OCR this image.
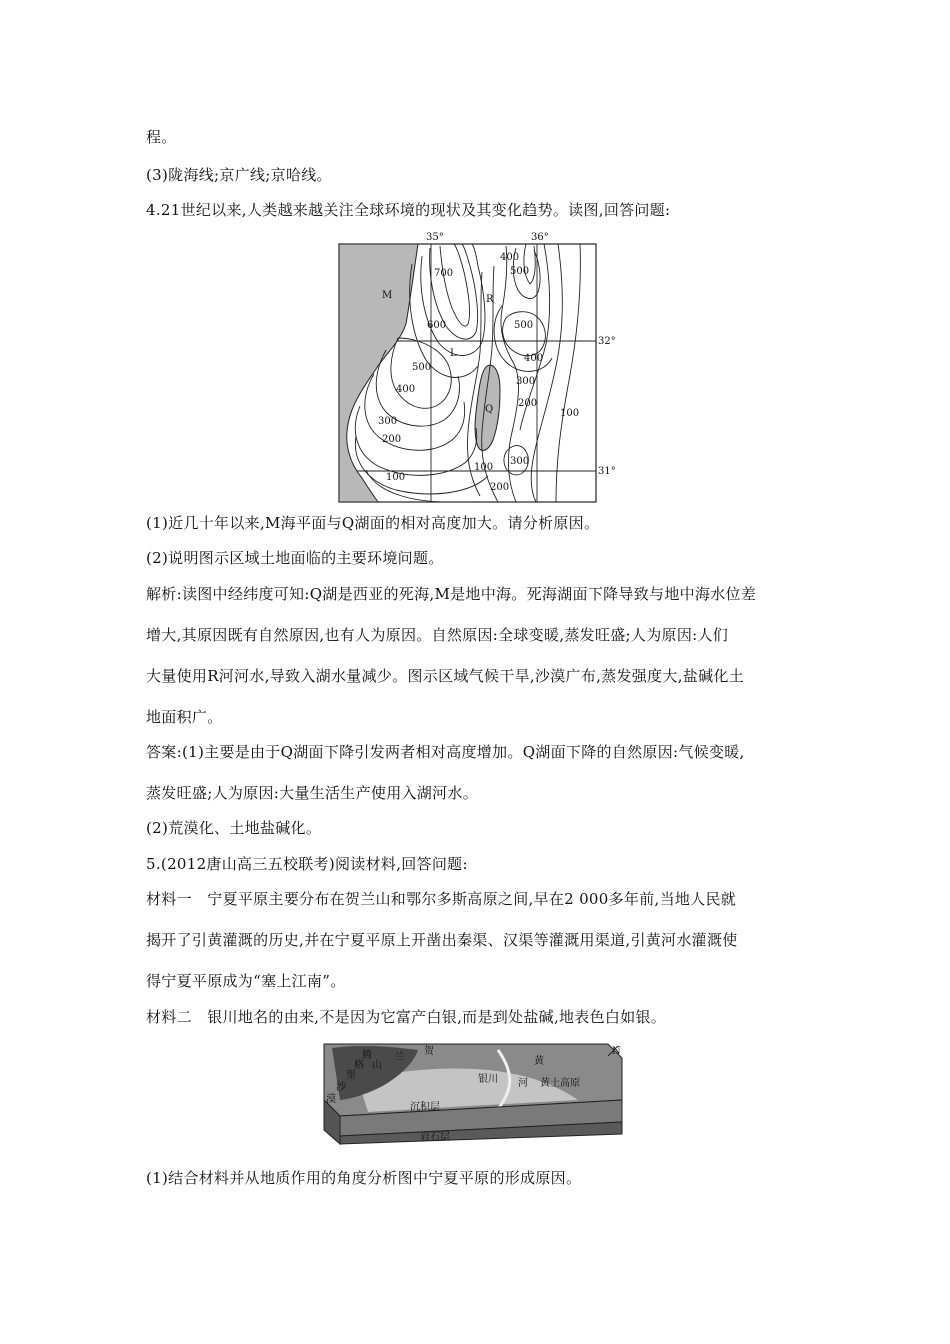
程。
(3)陇海线;京广线;京哈线。
4.21世纪以来,人类越来越关注全球环境的现状及其变化趋势。读图,回答问题:
35°	36°
32°
31°
M	R
L
Q
700
400
500
600	500
500
400
400
300
200
300
200
100
100
300
100
200
(1)近几十年以来,M海平面与Q湖面的相对高度加大。请分析原因。
(2)说明图示区域土地面临的主要环境问题。
解析:读图中经纬度可知:Q湖是西亚的死海,M是地中海。死海湖面下降导致与地中海水位差
增大,其原因既有自然原因,也有人为原因。自然原因:全球变暖,蒸发旺盛;人为原因:人们
大量使用R河河水,导致入湖水量减少。图示区域气候干旱,沙漠广布,蒸发强度大,盐碱化土
地面积广。
答案:(1)主要是由于Q湖面下降引发两者相对高度增加。Q湖面下降的自然原因:气候变暖,
蒸发旺盛;人为原因:大量生活生产使用入湖河水。
(2)荒漠化、土地盐碱化。
5.(2012唐山高三五校联考)阅读材料,回答问题:
材料一　宁夏平原主要分布在贺兰山和鄂尔多斯高原之间,早在2 000多年前,当地人民就
揭开了引黄灌溉的历史,并在宁夏平原上开凿出秦渠、汉渠等灌溉用渠道,引黄河水灌溉使
得宁夏平原成为“塞上江南”。
材料二　银川地名的由来,不是因为它富产白银,而是到处盐碱,地表色白如银。
腾
格
里
沙
漠
山
兰
贺
银川
黄
河 黄土高原
沉积层
岩石层
N
(1)结合材料并从地质作用的角度分析图中宁夏平原的形成原因。
